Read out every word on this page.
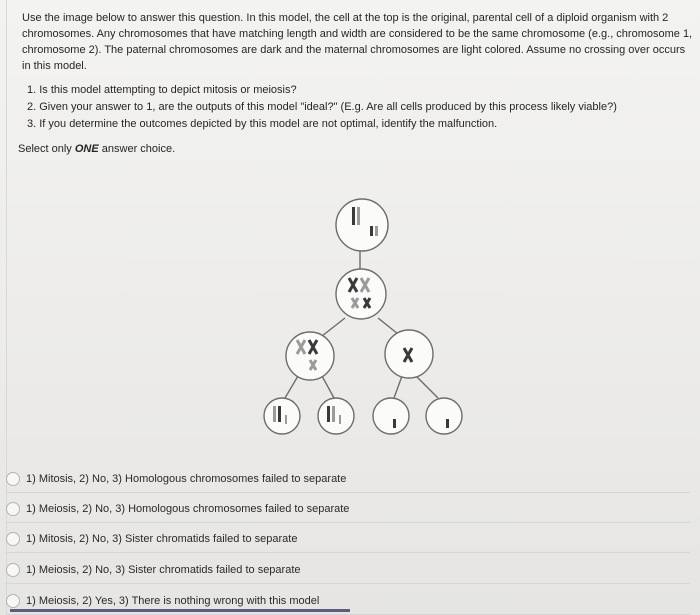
Use the image below to answer this question. In this model, the cell at the top is the original, parental cell of a diploid organism with 2 chromosomes. Any chromosomes that have matching length and width are considered to be the same chromosome (e.g., chromosome 1, chromosome 2). The paternal chromosomes are dark and the maternal chromosomes are light colored. Assume no crossing over occurs in this model.

1. Is this model attempting to depict mitosis or meiosis?
2. Given your answer to 1, are the outputs of this model "ideal?" (E.g. Are all cells produced by this process likely viable?)
3. If you determine the outcomes depicted by this model are not optimal, identify the malfunction.
Select only ONE answer choice.
1) Mitosis, 2) No, 3) Homologous chromosomes failed to separate
1) Meiosis, 2) No, 3) Homologous chromosomes failed to separate
1) Mitosis, 2) No, 3) Sister chromatids failed to separate
1) Meiosis, 2) No, 3) Sister chromatids failed to separate
1) Meiosis, 2) Yes, 3) There is nothing wrong with this model
